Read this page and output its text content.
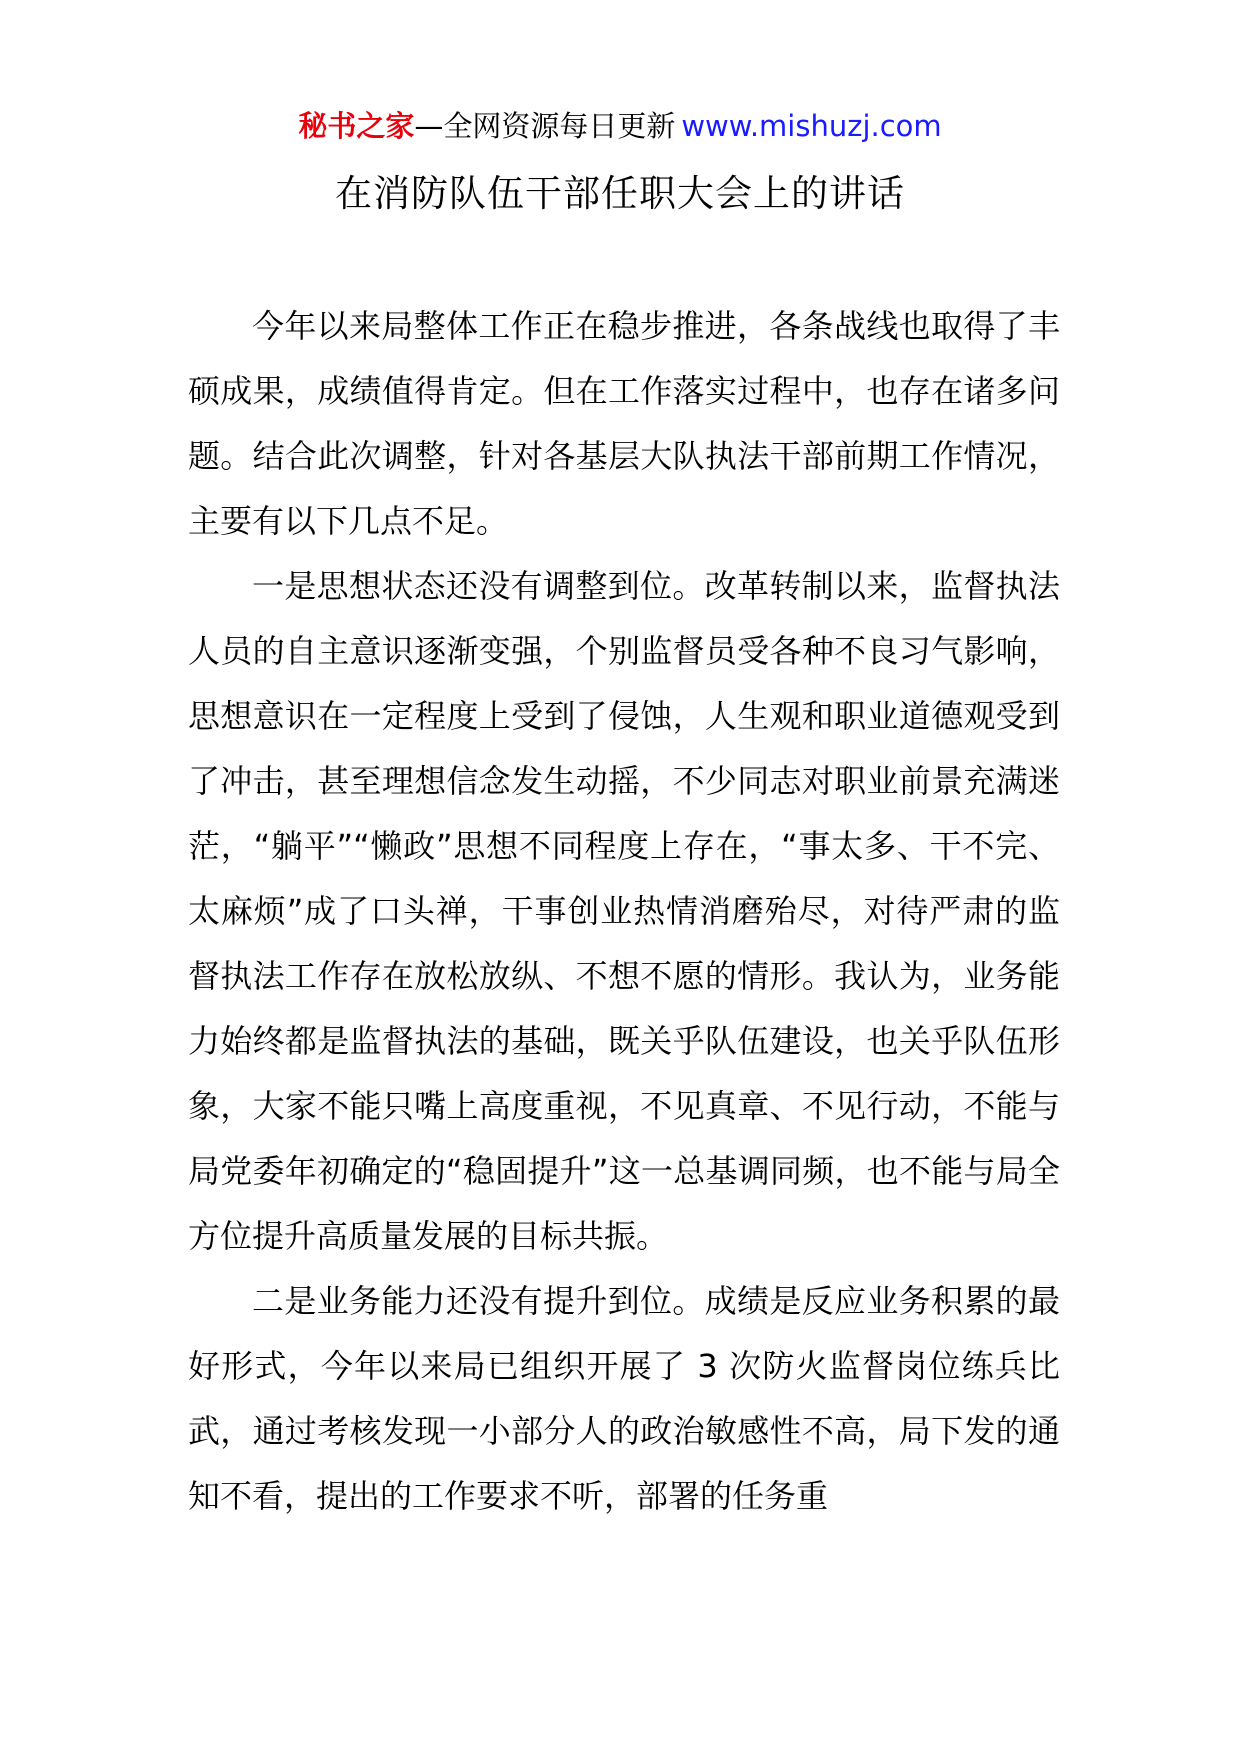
秘书之家—全网资源每日更新 www.mishuzj.com
在消防队伍干部任职大会上的讲话

今年以来局整体工作正在稳步推进，各条战线也取得了丰硕成果，成绩值得肯定。但在工作落实过程中，也存在诸多问题。结合此次调整，针对各基层大队执法干部前期工作情况，主要有以下几点不足。

一是思想状态还没有调整到位。改革转制以来，监督执法人员的自主意识逐渐变强，个别监督员受各种不良习气影响，思想意识在一定程度上受到了侵蚀，人生观和职业道德观受到了冲击，甚至理想信念发生动摇，不少同志对职业前景充满迷茫，“躺平”“懒政”思想不同程度上存在，“事太多、干不完、太麻烦”成了口头禅，干事创业热情消磨殆尽，对待严肃的监督执法工作存在放松放纵、不想不愿的情形。我认为，业务能力始终都是监督执法的基础，既关乎队伍建设，也关乎队伍形象，大家不能只嘴上高度重视，不见真章、不见行动，不能与局党委年初确定的“稳固提升”这一总基调同频，也不能与局全方位提升高质量发展的目标共振。

二是业务能力还没有提升到位。成绩是反应业务积累的最好形式，今年以来局已组织开展了 3 次防火监督岗位练兵比武，通过考核发现一小部分人的政治敏感性不高，局下发的通知不看，提出的工作要求不听，部署的任务重
